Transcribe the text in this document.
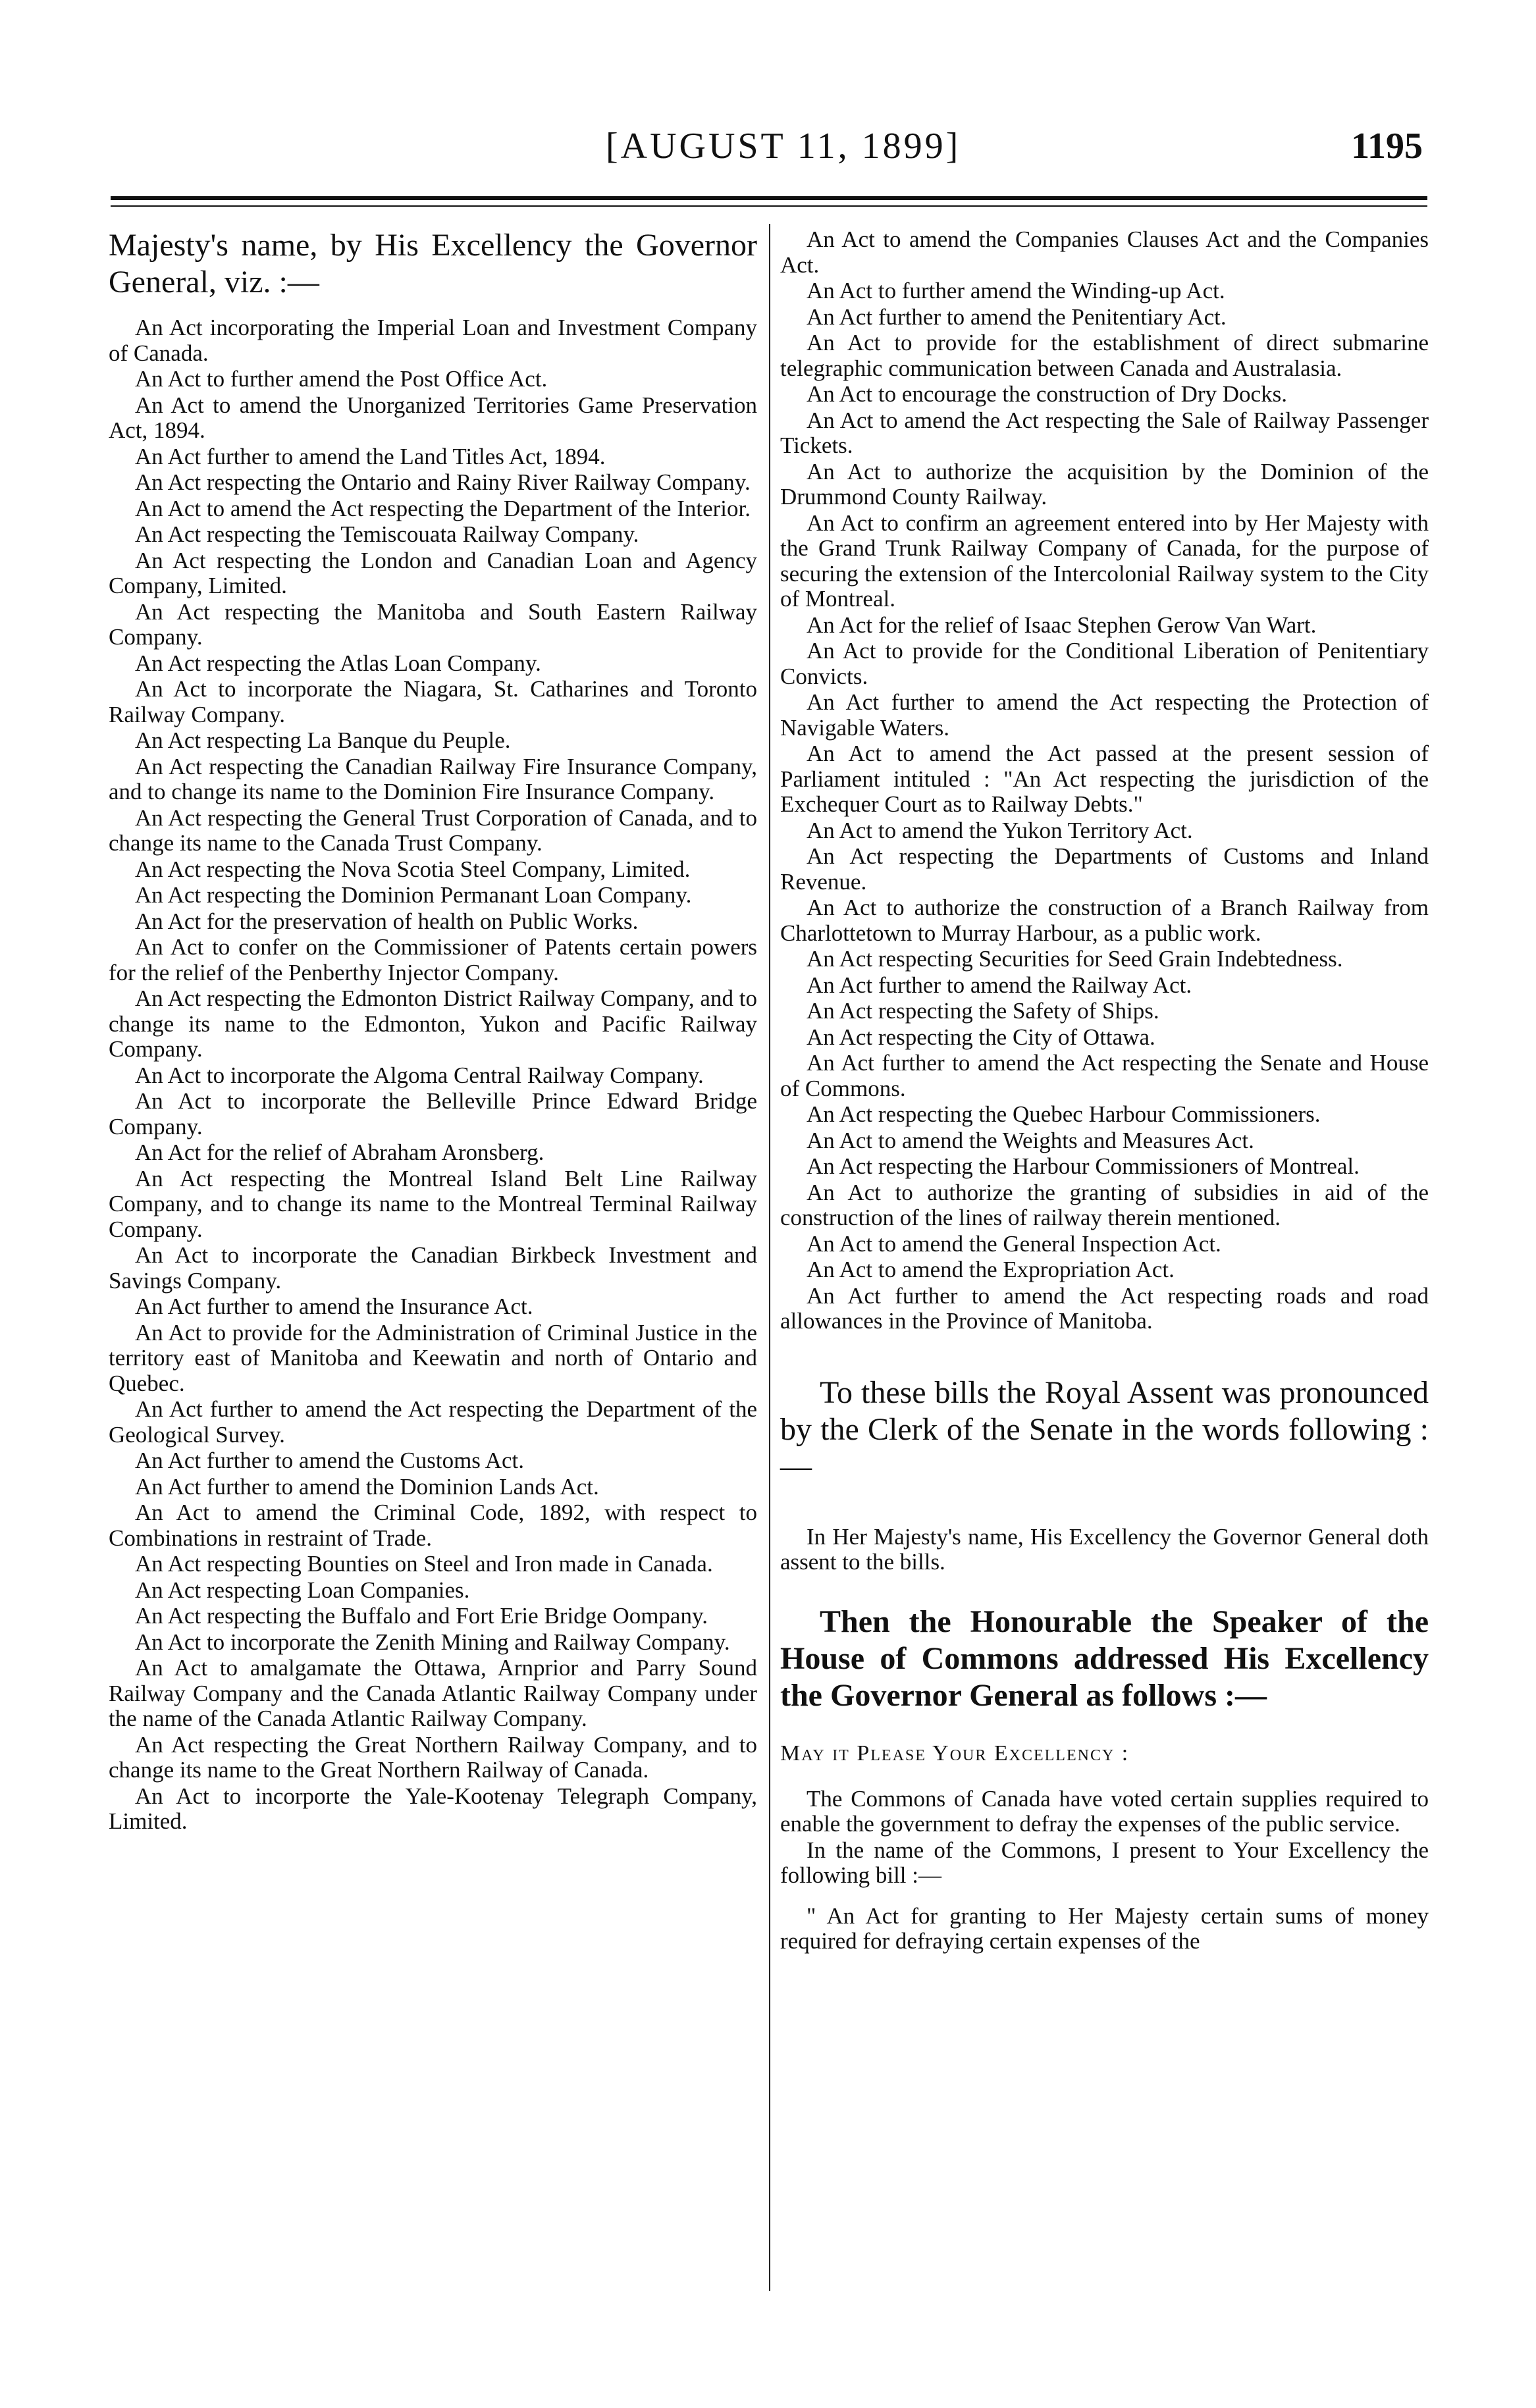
[AUGUST 11, 1899]	1195

Majesty's name, by His Excellency the Governor General, viz. :—

An Act incorporating the Imperial Loan and Investment Company of Canada.

An Act to further amend the Post Office Act.

An Act to amend the Unorganized Territories Game Preservation Act, 1894.

An Act further to amend the Land Titles Act, 1894.

An Act respecting the Ontario and Rainy River Railway Company.

An Act to amend the Act respecting the Department of the Interior.

An Act respecting the Temiscouata Railway Company.

An Act respecting the London and Canadian Loan and Agency Company, Limited.

An Act respecting the Manitoba and South Eastern Railway Company.

An Act respecting the Atlas Loan Company.

An Act to incorporate the Niagara, St. Catharines and Toronto Railway Company.

An Act respecting La Banque du Peuple.

An Act respecting the Canadian Railway Fire Insurance Company, and to change its name to the Dominion Fire Insurance Company.

An Act respecting the General Trust Corporation of Canada, and to change its name to the Canada Trust Company.

An Act respecting the Nova Scotia Steel Company, Limited.

An Act respecting the Dominion Permanant Loan Company.

An Act for the preservation of health on Public Works.

An Act to confer on the Commissioner of Patents certain powers for the relief of the Penberthy Injector Company.

An Act respecting the Edmonton District Railway Company, and to change its name to the Edmonton, Yukon and Pacific Railway Company.

An Act to incorporate the Algoma Central Railway Company.

An Act to incorporate the Belleville Prince Edward Bridge Company.

An Act for the relief of Abraham Aronsberg.

An Act respecting the Montreal Island Belt Line Railway Company, and to change its name to the Montreal Terminal Railway Company.

An Act to incorporate the Canadian Birkbeck Investment and Savings Company.

An Act further to amend the Insurance Act.

An Act to provide for the Administration of Criminal Justice in the territory east of Manitoba and Keewatin and north of Ontario and Quebec.

An Act further to amend the Act respecting the Department of the Geological Survey.

An Act further to amend the Customs Act.

An Act further to amend the Dominion Lands Act.

An Act to amend the Criminal Code, 1892, with respect to Combinations in restraint of Trade.

An Act respecting Bounties on Steel and Iron made in Canada.

An Act respecting Loan Companies.

An Act respecting the Buffalo and Fort Erie Bridge Oompany.

An Act to incorporate the Zenith Mining and Railway Company.

An Act to amalgamate the Ottawa, Arnprior and Parry Sound Railway Company and the Canada Atlantic Railway Company under the name of the Canada Atlantic Railway Company.

An Act respecting the Great Northern Railway Company, and to change its name to the Great Northern Railway of Canada.

An Act to incorporte the Yale-Kootenay Telegraph Company, Limited.

An Act to amend the Companies Clauses Act and the Companies Act.

An Act to further amend the Winding-up Act.

An Act further to amend the Penitentiary Act.

An Act to provide for the establishment of direct submarine telegraphic communication between Canada and Australasia.

An Act to encourage the construction of Dry Docks.

An Act to amend the Act respecting the Sale of Railway Passenger Tickets.

An Act to authorize the acquisition by the Dominion of the Drummond County Railway.

An Act to confirm an agreement entered into by Her Majesty with the Grand Trunk Railway Company of Canada, for the purpose of securing the extension of the Intercolonial Railway system to the City of Montreal.

An Act for the relief of Isaac Stephen Gerow Van Wart.

An Act to provide for the Conditional Liberation of Penitentiary Convicts.

An Act further to amend the Act respecting the Protection of Navigable Waters.

An Act to amend the Act passed at the present session of Parliament intituled : "An Act respecting the jurisdiction of the Exchequer Court as to Railway Debts."

An Act to amend the Yukon Territory Act.

An Act respecting the Departments of Customs and Inland Revenue.

An Act to authorize the construction of a Branch Railway from Charlottetown to Murray Harbour, as a public work.

An Act respecting Securities for Seed Grain Indebtedness.

An Act further to amend the Railway Act.

An Act respecting the Safety of Ships.

An Act respecting the City of Ottawa.

An Act further to amend the Act respecting the Senate and House of Commons.

An Act respecting the Quebec Harbour Commissioners.

An Act to amend the Weights and Measures Act.

An Act respecting the Harbour Commissioners of Montreal.

An Act to authorize the granting of subsidies in aid of the construction of the lines of railway therein mentioned.

An Act to amend the General Inspection Act.

An Act to amend the Expropriation Act.

An Act further to amend the Act respecting roads and road allowances in the Province of Manitoba.

To these bills the Royal Assent was pronounced by the Clerk of the Senate in the words following :—

In Her Majesty's name, His Excellency the Governor General doth assent to the bills.

Then the Honourable the Speaker of the House of Commons addressed His Excellency the Governor General as follows :—

May it Please Your Excellency :

The Commons of Canada have voted certain supplies required to enable the government to defray the expenses of the public service.

In the name of the Commons, I present to Your Excellency the following bill :—

" An Act for granting to Her Majesty certain sums of money required for defraying certain expenses of the
